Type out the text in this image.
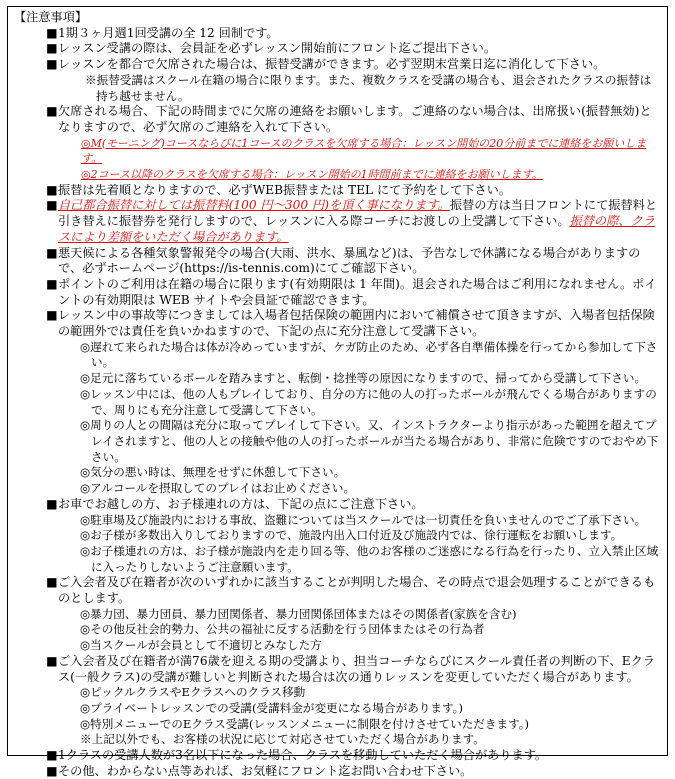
【注意事項】
■ 1期３ヶ月週1回受講の全 12 回制です。
■ レッスン受講の際は、会員証を必ずレッスン開始前にフロント迄ご提出下さい。
■ レッスンを都合で欠席された場合は、振替受講ができます。必ず翌期末営業日迄に消化して下さい。
※振替受講はスクール在籍の場合に限ります。また、複数クラスを受講の場合も、退会されたクラスの振替は持ち越せません。
■ 欠席される場合、下記の時間までに欠席の連絡をお願いします。ご連絡のない場合は、出席扱い(振替無効)となりますので、必ず欠席のご連絡を入れて下さい。
◎M(モーニング)コースならびに1コースのクラスを欠席する場合：レッスン開始の20分前までに連絡をお願いします。
◎2コース以降のクラスを欠席する場合：レッスン開始の1時間前までに連絡をお願いします。
■ 振替は先着順となりますので、必ずWEB振替または TEL にて予約をして下さい。
■ 自己都合振替に対しては振替料(100 円～300 円)を頂く事になります。振替の方は当日フロントにて振替料と引き替えに振替券を発行しますので、レッスンに入る際コーチにお渡しの上受講して下さい。振替の際、クラスにより差額をいただく場合があります。
■ 悪天候による各種気象警報発令の場合(大雨、洪水、暴風など)は、予告なしで休講になる場合がありますので、必ずホームページ(https://is-tennis.com)にてご確認下さい。
■ ポイントのご利用は在籍の場合に限ります(有効期限は 1 年間)。退会された場合はご利用になれません。ポイントの有効期限は WEB サイトや会員証で確認できます。
■ レッスン中の事故等につきましては入場者包括保険の範囲内において補償させて頂きますが、入場者包括保険の範囲外では責任を負いかねますので、下記の点に充分注意して受講下さい。
◎遅れて来られた場合は体が冷めっていますが、ケガ防止のため、必ず各自準備体操を行ってから参加して下さい。
◎足元に落ちているボールを踏みますと、転倒・捻挫等の原因になりますので、掃ってから受講して下さい。
◎レッスン中には、他の人もプレイしており、自分の方に他の人の打ったボールが飛んでくる場合がありますので、周りにも充分注意して受講して下さい。
◎周りの人との間隔は充分に取ってプレイして下さい。又、インストラクターより指示があった範囲を超えてプレイされますと、他の人との接触や他の人の打ったボールが当たる場合があり、非常に危険ですのでおやめ下さい。
◎気分の悪い時は、無理をせずに休憩して下さい。
◎アルコールを摂取してのプレイはお止めください。
■ お車でお越しの方、お子様連れの方は、下記の点にご注意下さい。
◎駐車場及び施設内における事故、盗難については当スクールでは一切責任を負いませんのでご了承下さい。
◎お子様が多数出入りしておりますので、施設内出入口付近及び施設内では、徐行運転をお願いします。
◎お子様連れの方は、お子様が施設内を走り回る等、他のお客様のご迷惑になる行為を行ったり、立入禁止区域に入ったりしないようご注意願います。
■ ご入会者及び在籍者が次のいずれかに該当することが判明した場合、その時点で退会処理することができるものとします。
◎暴力団、暴力団員、暴力団関係者、暴力団関係団体またはその関係者(家族を含む)
◎その他反社会的勢力、公共の福祉に反する活動を行う団体またはその行為者
◎当スクールが会員として不適切とみなした方
■ ご入会者及び在籍者が満76歳を迎える期の受講より、担当コーチならびにスクール責任者の判断の下、Eクラス(一般クラス)の受講が難しいと判断された場合は次の通りレッスンを変更していただく場合があります。
◎ピックルクラスやEクラスへのクラス移動
◎プライベートレッスンでの受講(受講料金が変更になる場合があります。)
◎特別メニューでのEクラス受講(レッスンメニューに制限を付けさせていただきます。)
※上記以外でも、お客様の状況に応じて対応させていただく場合があります。
■ 1クラスの受講人数が3名以下になった場合、クラスを移動していただく場合があります。
■ その他、わからない点等あれば、お気軽にフロント迄お問い合わせ下さい。
